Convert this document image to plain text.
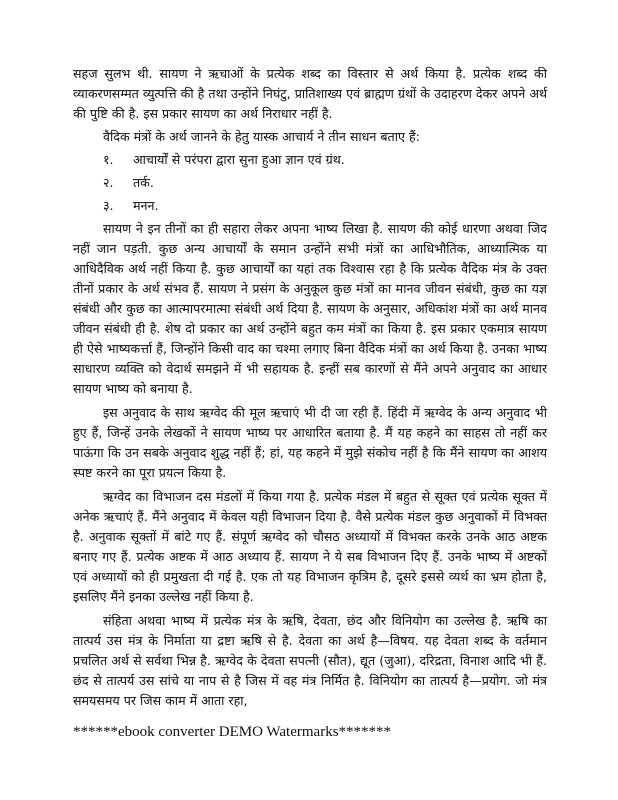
सहज सुलभ थी. सायण ने ऋचाओं के प्रत्येक शब्द का विस्तार से अर्थ किया है. प्रत्येक शब्द की व्याकरणसम्मत व्युत्पत्ति की है तथा उन्होंने निघंटु, प्रातिशाख्य एवं ब्राह्मण ग्रंथों के उदाहरण देकर अपने अर्थ की पुष्टि की है. इस प्रकार सायण का अर्थ निराधार नहीं है.

वैदिक मंत्रों के अर्थ जानने के हेतु यास्क आचार्य ने तीन साधन बताए हैं:

१.	आचार्यों से परंपरा द्वारा सुना हुआ ज्ञान एवं ग्रंथ.
२.	तर्क.
३.	मनन.

सायण ने इन तीनों का ही सहारा लेकर अपना भाष्य लिखा है. सायण की कोई धारणा अथवा जिद नहीं जान पड़ती. कुछ अन्य आचार्यों के समान उन्होंने सभी मंत्रों का आधिभौतिक, आध्यात्मिक या आधिदैविक अर्थ नहीं किया है. कुछ आचार्यों का यहां तक विश्वास रहा है कि प्रत्येक वैदिक मंत्र के उक्त तीनों प्रकार के अर्थ संभव हैं. सायण ने प्रसंग के अनुकूल कुछ मंत्रों का मानव जीवन संबंधी, कुछ का यज्ञ संबंधी और कुछ का आत्मापरमात्मा संबंधी अर्थ दिया है. सायण के अनुसार, अधिकांश मंत्रों का अर्थ मानव जीवन संबंधी ही है. शेष दो प्रकार का अर्थ उन्होंने बहुत कम मंत्रों का किया है. इस प्रकार एकमात्र सायण ही ऐसे भाष्यकर्त्ता हैं, जिन्होंने किसी वाद का चश्मा लगाए बिना वैदिक मंत्रों का अर्थ किया है. उनका भाष्य साधारण व्यक्ति को वेदार्थ समझने में भी सहायक है. इन्हीं सब कारणों से मैंने अपने अनुवाद का आधार सायण भाष्य को बनाया है.

इस अनुवाद के साथ ऋग्वेद की मूल ऋचाएं भी दी जा रही हैं. हिंदी में ऋग्वेद के अन्य अनुवाद भी हुए हैं, जिन्हें उनके लेखकों ने सायण भाष्य पर आधारित बताया है. मैं यह कहने का साहस तो नहीं कर पाऊंगा कि उन सबके अनुवाद शुद्ध नहीं हैं; हां, यह कहने में मुझे संकोच नहीं है कि मैंने सायण का आशय स्पष्ट करने का पूरा प्रयत्न किया है.

ऋग्वेद का विभाजन दस मंडलों में किया गया है. प्रत्येक मंडल में बहुत से सूक्त एवं प्रत्येक सूक्त में अनेक ऋचाएं हैं. मैंने अनुवाद में केवल यही विभाजन दिया है. वैसे प्रत्येक मंडल कुछ अनुवाकों में विभक्त है. अनुवाक सूक्तों में बांटे गए हैं. संपूर्ण ऋग्वेद को चौसठ अध्यायों में विभक्त करके उनके आठ अष्टक बनाए गए हैं. प्रत्येक अष्टक में आठ अध्याय हैं. सायण ने ये सब विभाजन दिए हैं. उनके भाष्य में अष्टकों एवं अध्यायों को ही प्रमुखता दी गई है. एक तो यह विभाजन कृत्रिम है, दूसरे इससे व्यर्थ का भ्रम होता है, इसलिए मैंने इनका उल्लेख नहीं किया है.

संहिता अथवा भाष्य में प्रत्येक मंत्र के ऋषि, देवता, छंद और विनियोग का उल्लेख है. ऋषि का तात्पर्य उस मंत्र के निर्माता या द्रष्टा ऋषि से है. देवता का अर्थ है—विषय. यह देवता शब्द के वर्तमान प्रचलित अर्थ से सर्वथा भिन्न है. ऋग्वेद के देवता सपत्नी (सौत), द्यूत (जुआ), दरिद्रता, विनाश आदि भी हैं. छंद से तात्पर्य उस सांचे या नाप से है जिस में वह मंत्र निर्मित है. विनियोग का तात्पर्य है—प्रयोग. जो मंत्र समयसमय पर जिस काम में आता रहा,

******ebook converter DEMO Watermarks*******
